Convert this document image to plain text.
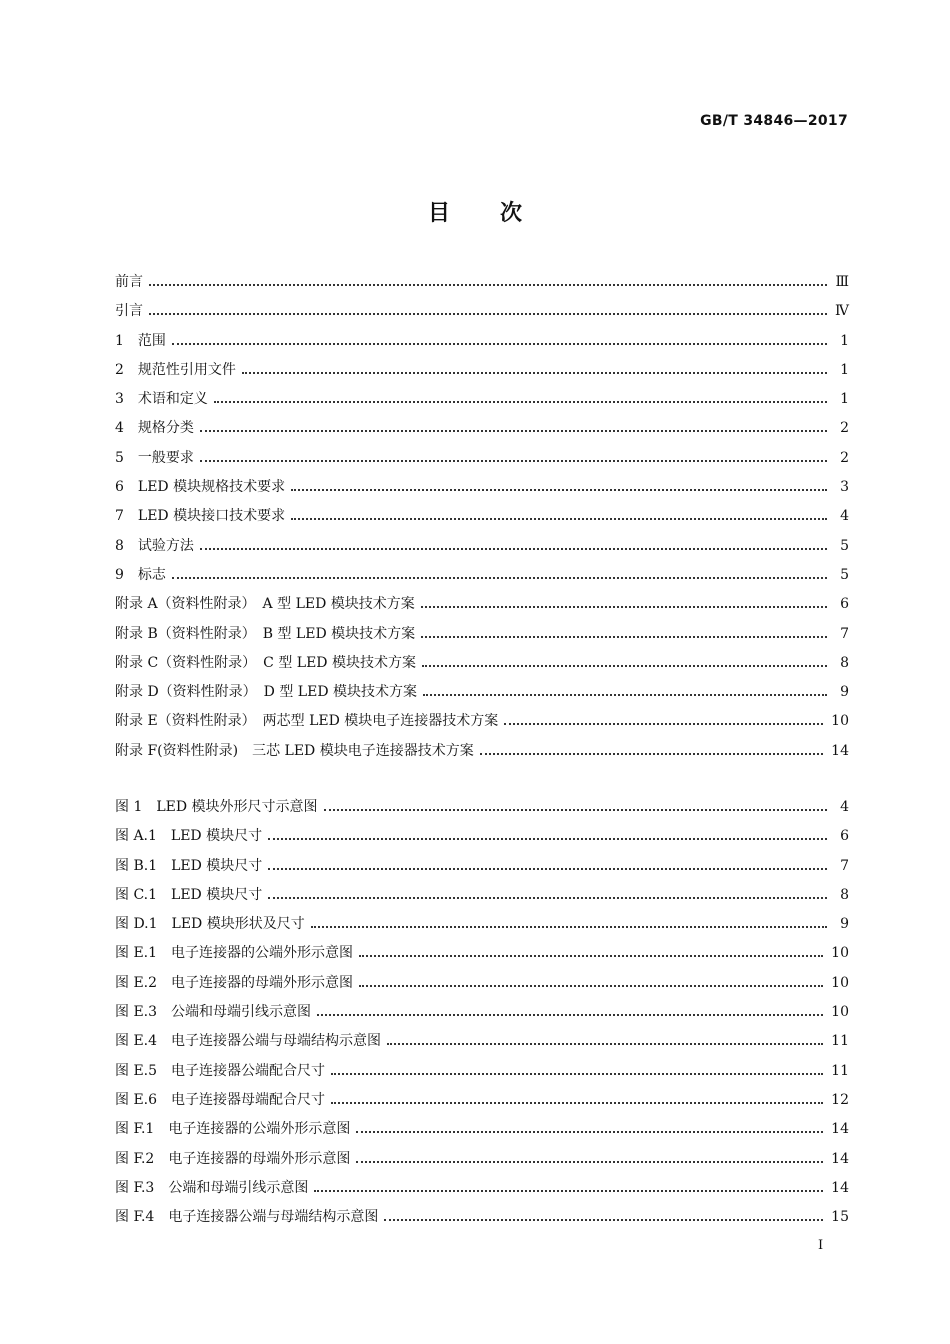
GB/T 34846—2017
目次
前言	Ⅲ
引言	Ⅳ
1　范围	1
2　规范性引用文件	1
3　术语和定义	1
4　规格分类	2
5　一般要求	2
6　LED 模块规格技术要求	3
7　LED 模块接口技术要求	4
8　试验方法	5
9　标志	5
附录 A（资料性附录）　A 型 LED 模块技术方案	6
附录 B（资料性附录）　B 型 LED 模块技术方案	7
附录 C（资料性附录）　C 型 LED 模块技术方案	8
附录 D（资料性附录）　D 型 LED 模块技术方案	9
附录 E（资料性附录）　两芯型 LED 模块电子连接器技术方案	10
附录 F(资料性附录)　三芯 LED 模块电子连接器技术方案	14
图 1　LED 模块外形尺寸示意图	4
图 A.1　LED 模块尺寸	6
图 B.1　LED 模块尺寸	7
图 C.1　LED 模块尺寸	8
图 D.1　LED 模块形状及尺寸	9
图 E.1　电子连接器的公端外形示意图	10
图 E.2　电子连接器的母端外形示意图	10
图 E.3　公端和母端引线示意图	10
图 E.4　电子连接器公端与母端结构示意图	11
图 E.5　电子连接器公端配合尺寸	11
图 E.6　电子连接器母端配合尺寸	12
图 F.1　电子连接器的公端外形示意图	14
图 F.2　电子连接器的母端外形示意图	14
图 F.3　公端和母端引线示意图	14
图 F.4　电子连接器公端与母端结构示意图	15
I
